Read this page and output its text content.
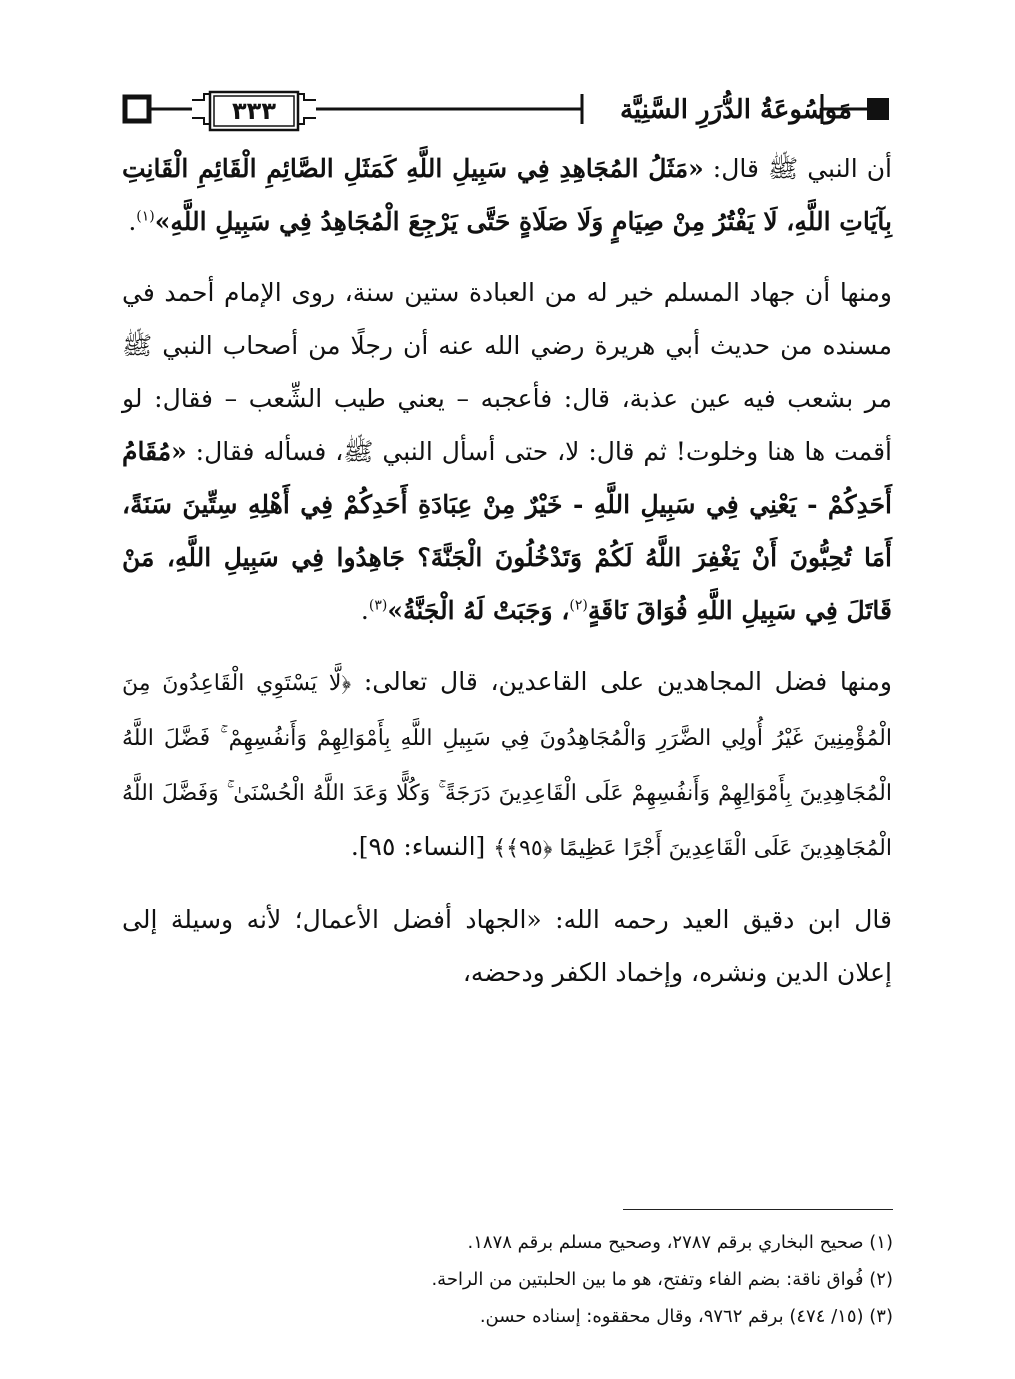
٣٣٣	مَوسُوعَةُ الدُّرَرِ السَّنِيَّة

أن النبي ﷺ قال: «مَثَلُ المُجَاهِدِ فِي سَبِيلِ اللَّهِ كَمَثَلِ الصَّائِمِ الْقَائِمِ الْقَانِتِ بِآيَاتِ اللَّهِ، لَا يَفْتُرُ مِنْ صِيَامٍ وَلَا صَلَاةٍ حَتَّى يَرْجِعَ الْمُجَاهِدُ فِي سَبِيلِ اللَّهِ»$^{(١)}$.

ومنها أن جهاد المسلم خير له من العبادة ستين سنة، روى الإمام أحمد في مسنده من حديث أبي هريرة رضي الله عنه أن رجلًا من أصحاب النبي ﷺ مر بشعب فيه عين عذبة، قال: فأعجبه – يعني طيب الشِّعب – فقال: لو أقمت ها هنا وخلوت! ثم قال: لا، حتى أسأل النبي ﷺ، فسأله فقال: «مُقَامُ أَحَدِكُمْ - يَعْنِي فِي سَبِيلِ اللَّهِ - خَيْرٌ مِنْ عِبَادَةِ أَحَدِكُمْ فِي أَهْلِهِ سِتِّينَ سَنَةً، أَمَا تُحِبُّونَ أَنْ يَغْفِرَ اللَّهُ لَكُمْ وَتَدْخُلُونَ الْجَنَّةَ؟ جَاهِدُوا فِي سَبِيلِ اللَّهِ، مَنْ قَاتَلَ فِي سَبِيلِ اللَّهِ فُوَاقَ نَاقَةٍ$^{(٢)}$، وَجَبَتْ لَهُ الْجَنَّةُ»$^{(٣)}$.

ومنها فضل المجاهدين على القاعدين، قال تعالى: ﴿لَّا يَسْتَوِي الْقَاعِدُونَ مِنَ الْمُؤْمِنِينَ غَيْرُ أُولِي الضَّرَرِ وَالْمُجَاهِدُونَ فِي سَبِيلِ اللَّهِ بِأَمْوَالِهِمْ وَأَنفُسِهِمْ ۚ فَضَّلَ اللَّهُ الْمُجَاهِدِينَ بِأَمْوَالِهِمْ وَأَنفُسِهِمْ عَلَى الْقَاعِدِينَ دَرَجَةً ۚ وَكُلًّا وَعَدَ اللَّهُ الْحُسْنَىٰ ۚ وَفَضَّلَ اللَّهُ الْمُجَاهِدِينَ عَلَى الْقَاعِدِينَ أَجْرًا عَظِيمًا ﴿٩٥﴾﴾ [النساء: ٩٥].

قال ابن دقيق العيد رحمه الله: «الجهاد أفضل الأعمال؛ لأنه وسيلة إلى إعلان الدين ونشره، وإخماد الكفر ودحضه،

(١) صحيح البخاري برقم ٢٧٨٧، وصحيح مسلم برقم ١٨٧٨.

(٢) فُواق ناقة: بضم الفاء وتفتح، هو ما بين الحلبتين من الراحة.

(٣) (١٥/ ٤٧٤) برقم ٩٧٦٢، وقال محققوه: إسناده حسن.
